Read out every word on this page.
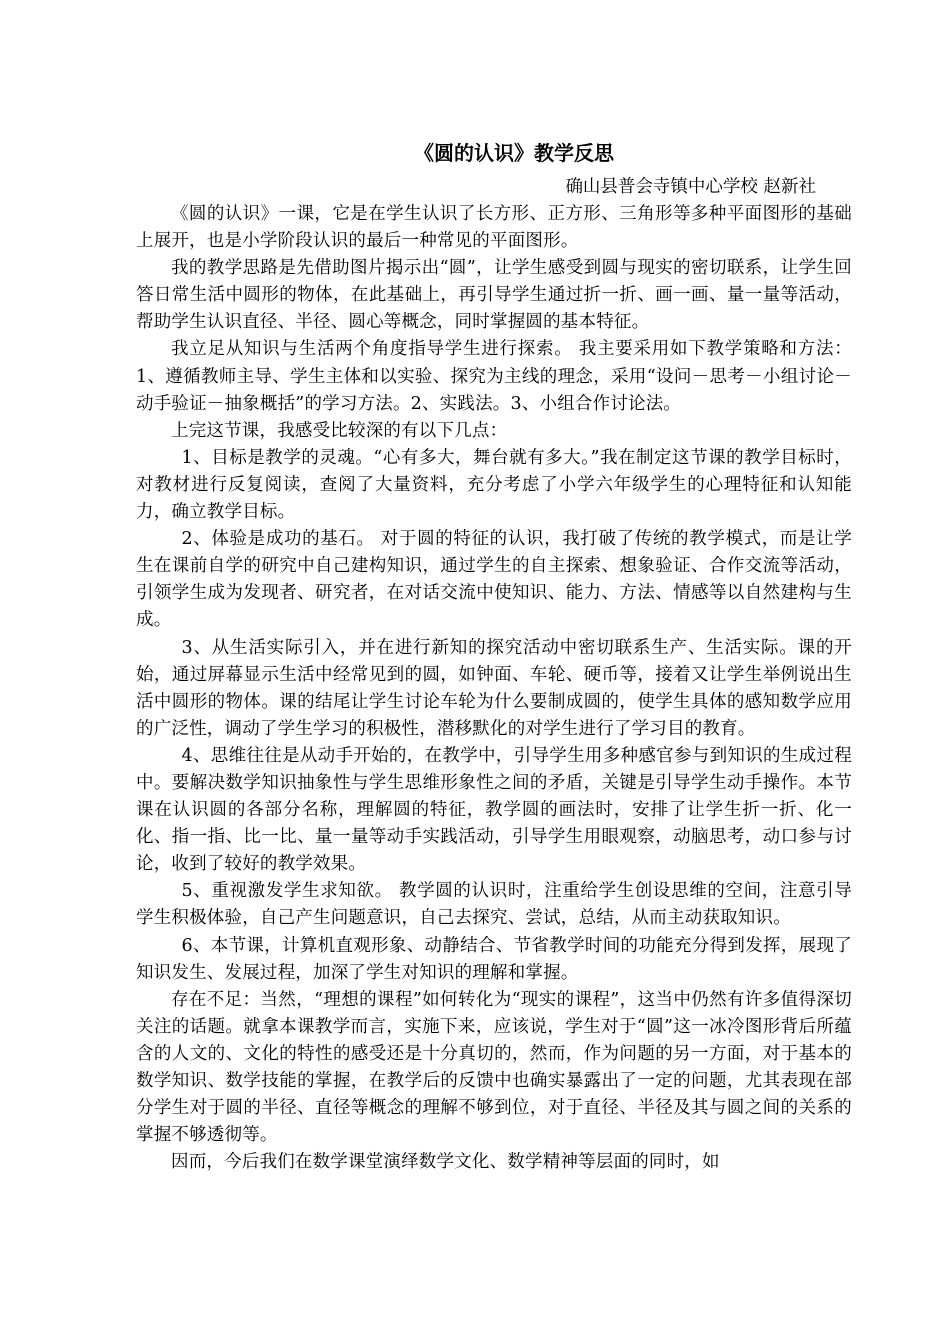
《圆的认识》教学反思

确山县普会寺镇中心学校 赵新社

《圆的认识》一课，它是在学生认识了长方形、正方形、三角形等多种平面图形的基础上展开，也是小学阶段认识的最后一种常见的平面图形。

我的教学思路是先借助图片揭示出“圆”，让学生感受到圆与现实的密切联系，让学生回答日常生活中圆形的物体，在此基础上，再引导学生通过折一折、画一画、量一量等活动，帮助学生认识直径、半径、圆心等概念，同时掌握圆的基本特征。

我立足从知识与生活两个角度指导学生进行探索。 我主要采用如下教学策略和方法：1、遵循教师主导、学生主体和以实验、探究为主线的理念，采用“设问－思考－小组讨论－动手验证－抽象概括”的学习方法。2、实践法。3、小组合作讨论法。

上完这节课，我感受比较深的有以下几点：

1、目标是教学的灵魂。“心有多大，舞台就有多大。”我在制定这节课的教学目标时，对教材进行反复阅读，查阅了大量资料，充分考虑了小学六年级学生的心理特征和认知能力，确立教学目标。

2、体验是成功的基石。 对于圆的特征的认识，我打破了传统的教学模式，而是让学生在课前自学的研究中自己建构知识，通过学生的自主探索、想象验证、合作交流等活动，引领学生成为发现者、研究者，在对话交流中使知识、能力、方法、情感等以自然建构与生成。

3、从生活实际引入，并在进行新知的探究活动中密切联系生产、生活实际。课的开始，通过屏幕显示生活中经常见到的圆，如钟面、车轮、硬币等，接着又让学生举例说出生活中圆形的物体。课的结尾让学生讨论车轮为什么要制成圆的，使学生具体的感知数学应用的广泛性，调动了学生学习的积极性，潜移默化的对学生进行了学习目的教育。

4、思维往往是从动手开始的，在教学中，引导学生用多种感官参与到知识的生成过程中。要解决数学知识抽象性与学生思维形象性之间的矛盾，关键是引导学生动手操作。本节课在认识圆的各部分名称，理解圆的特征，教学圆的画法时，安排了让学生折一折、化一化、指一指、比一比、量一量等动手实践活动，引导学生用眼观察，动脑思考，动口参与讨论，收到了较好的教学效果。

5、重视激发学生求知欲。 教学圆的认识时，注重给学生创设思维的空间，注意引导学生积极体验，自己产生问题意识，自己去探究、尝试，总结，从而主动获取知识。

6、本节课，计算机直观形象、动静结合、节省教学时间的功能充分得到发挥，展现了知识发生、发展过程，加深了学生对知识的理解和掌握。

存在不足：当然，“理想的课程”如何转化为“现实的课程”，这当中仍然有许多值得深切关注的话题。就拿本课教学而言，实施下来，应该说，学生对于“圆”这一冰冷图形背后所蕴含的人文的、文化的特性的感受还是十分真切的，然而，作为问题的另一方面，对于基本的数学知识、数学技能的掌握，在教学后的反馈中也确实暴露出了一定的问题，尤其表现在部分学生对于圆的半径、直径等概念的理解不够到位，对于直径、半径及其与圆之间的关系的掌握不够透彻等。

因而，今后我们在数学课堂演绎数学文化、数学精神等层面的同时，如
